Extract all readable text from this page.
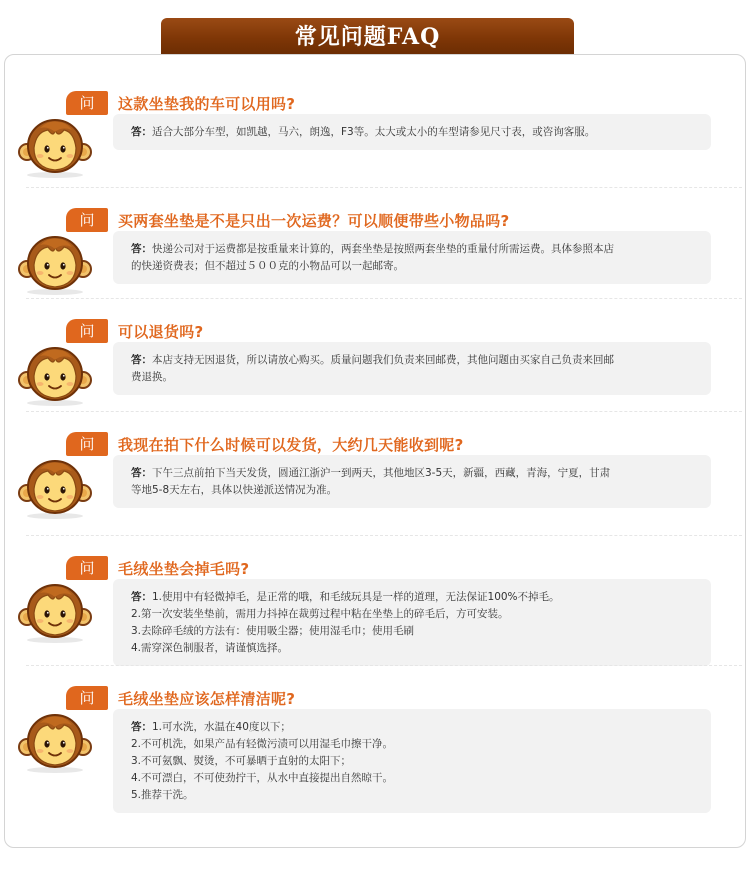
常见问题FAQ
问	这款坐垫我的车可以用吗?
答：适合大部分车型，如凯越，马六，朗逸，F3等。太大或太小的车型请参见尺寸表，或咨询客服。
问	买两套坐垫是不是只出一次运费？可以顺便带些小物品吗?
答：快递公司对于运费都是按重量来计算的，两套坐垫是按照两套坐垫的重量付所需运费。具体参照本店
的快递资费表；但不超过５００克的小物品可以一起邮寄。
问	可以退货吗?
答：本店支持无因退货，所以请放心购买。质量问题我们负责来回邮费，其他问题由买家自己负责来回邮
费退换。
问	我现在拍下什么时候可以发货，大约几天能收到呢?
答：下午三点前拍下当天发货，圆通江浙沪一到两天，其他地区3-5天，新疆，西藏，青海，宁夏，甘肃
等地5-8天左右，具体以快递派送情况为准。
问	毛绒坐垫会掉毛吗?
答：1.使用中有轻微掉毛，是正常的哦，和毛绒玩具是一样的道理，无法保证100%不掉毛。
2.第一次安装坐垫前，需用力抖掉在裁剪过程中粘在坐垫上的碎毛后，方可安装。
3.去除碎毛绒的方法有：使用吸尘器；使用湿毛巾；使用毛刷
4.需穿深色制服者，请谨慎选择。
问	毛绒坐垫应该怎样清洁呢?
答：1.可水洗，水温在40度以下；
2.不可机洗，如果产品有轻微污渍可以用湿毛巾擦干净。
3.不可氨飘、熨烫，不可暴晒于直射的太阳下；
4.不可漂白，不可使劲拧干，从水中直接提出自然晾干。
5.推荐干洗。
